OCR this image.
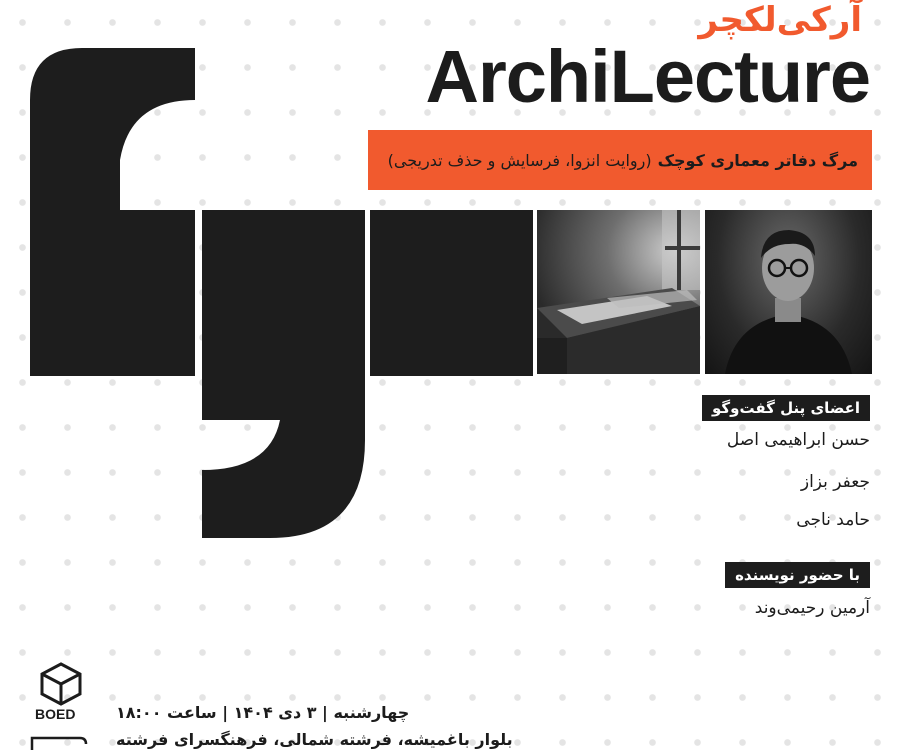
آرکی‌لکچر
ArchiLecture
مرگ دفاتر معماری کوچک
(روایت انزوا، فرسایش و حذف تدریجی)
اعضای پنل گفت‌وگو
حسن ابراهیمی اصل
جعفر بزاز
حامد ناجی
با حضور نویسنده
آرمین رحیمی‌وند
BOED	چهارشنبه | ۳ دی ۱۴۰۴ | ساعت ۱۸:۰۰
بلوار باغمیشه، فرشته شمالی، فرهنگسرای فرشته
